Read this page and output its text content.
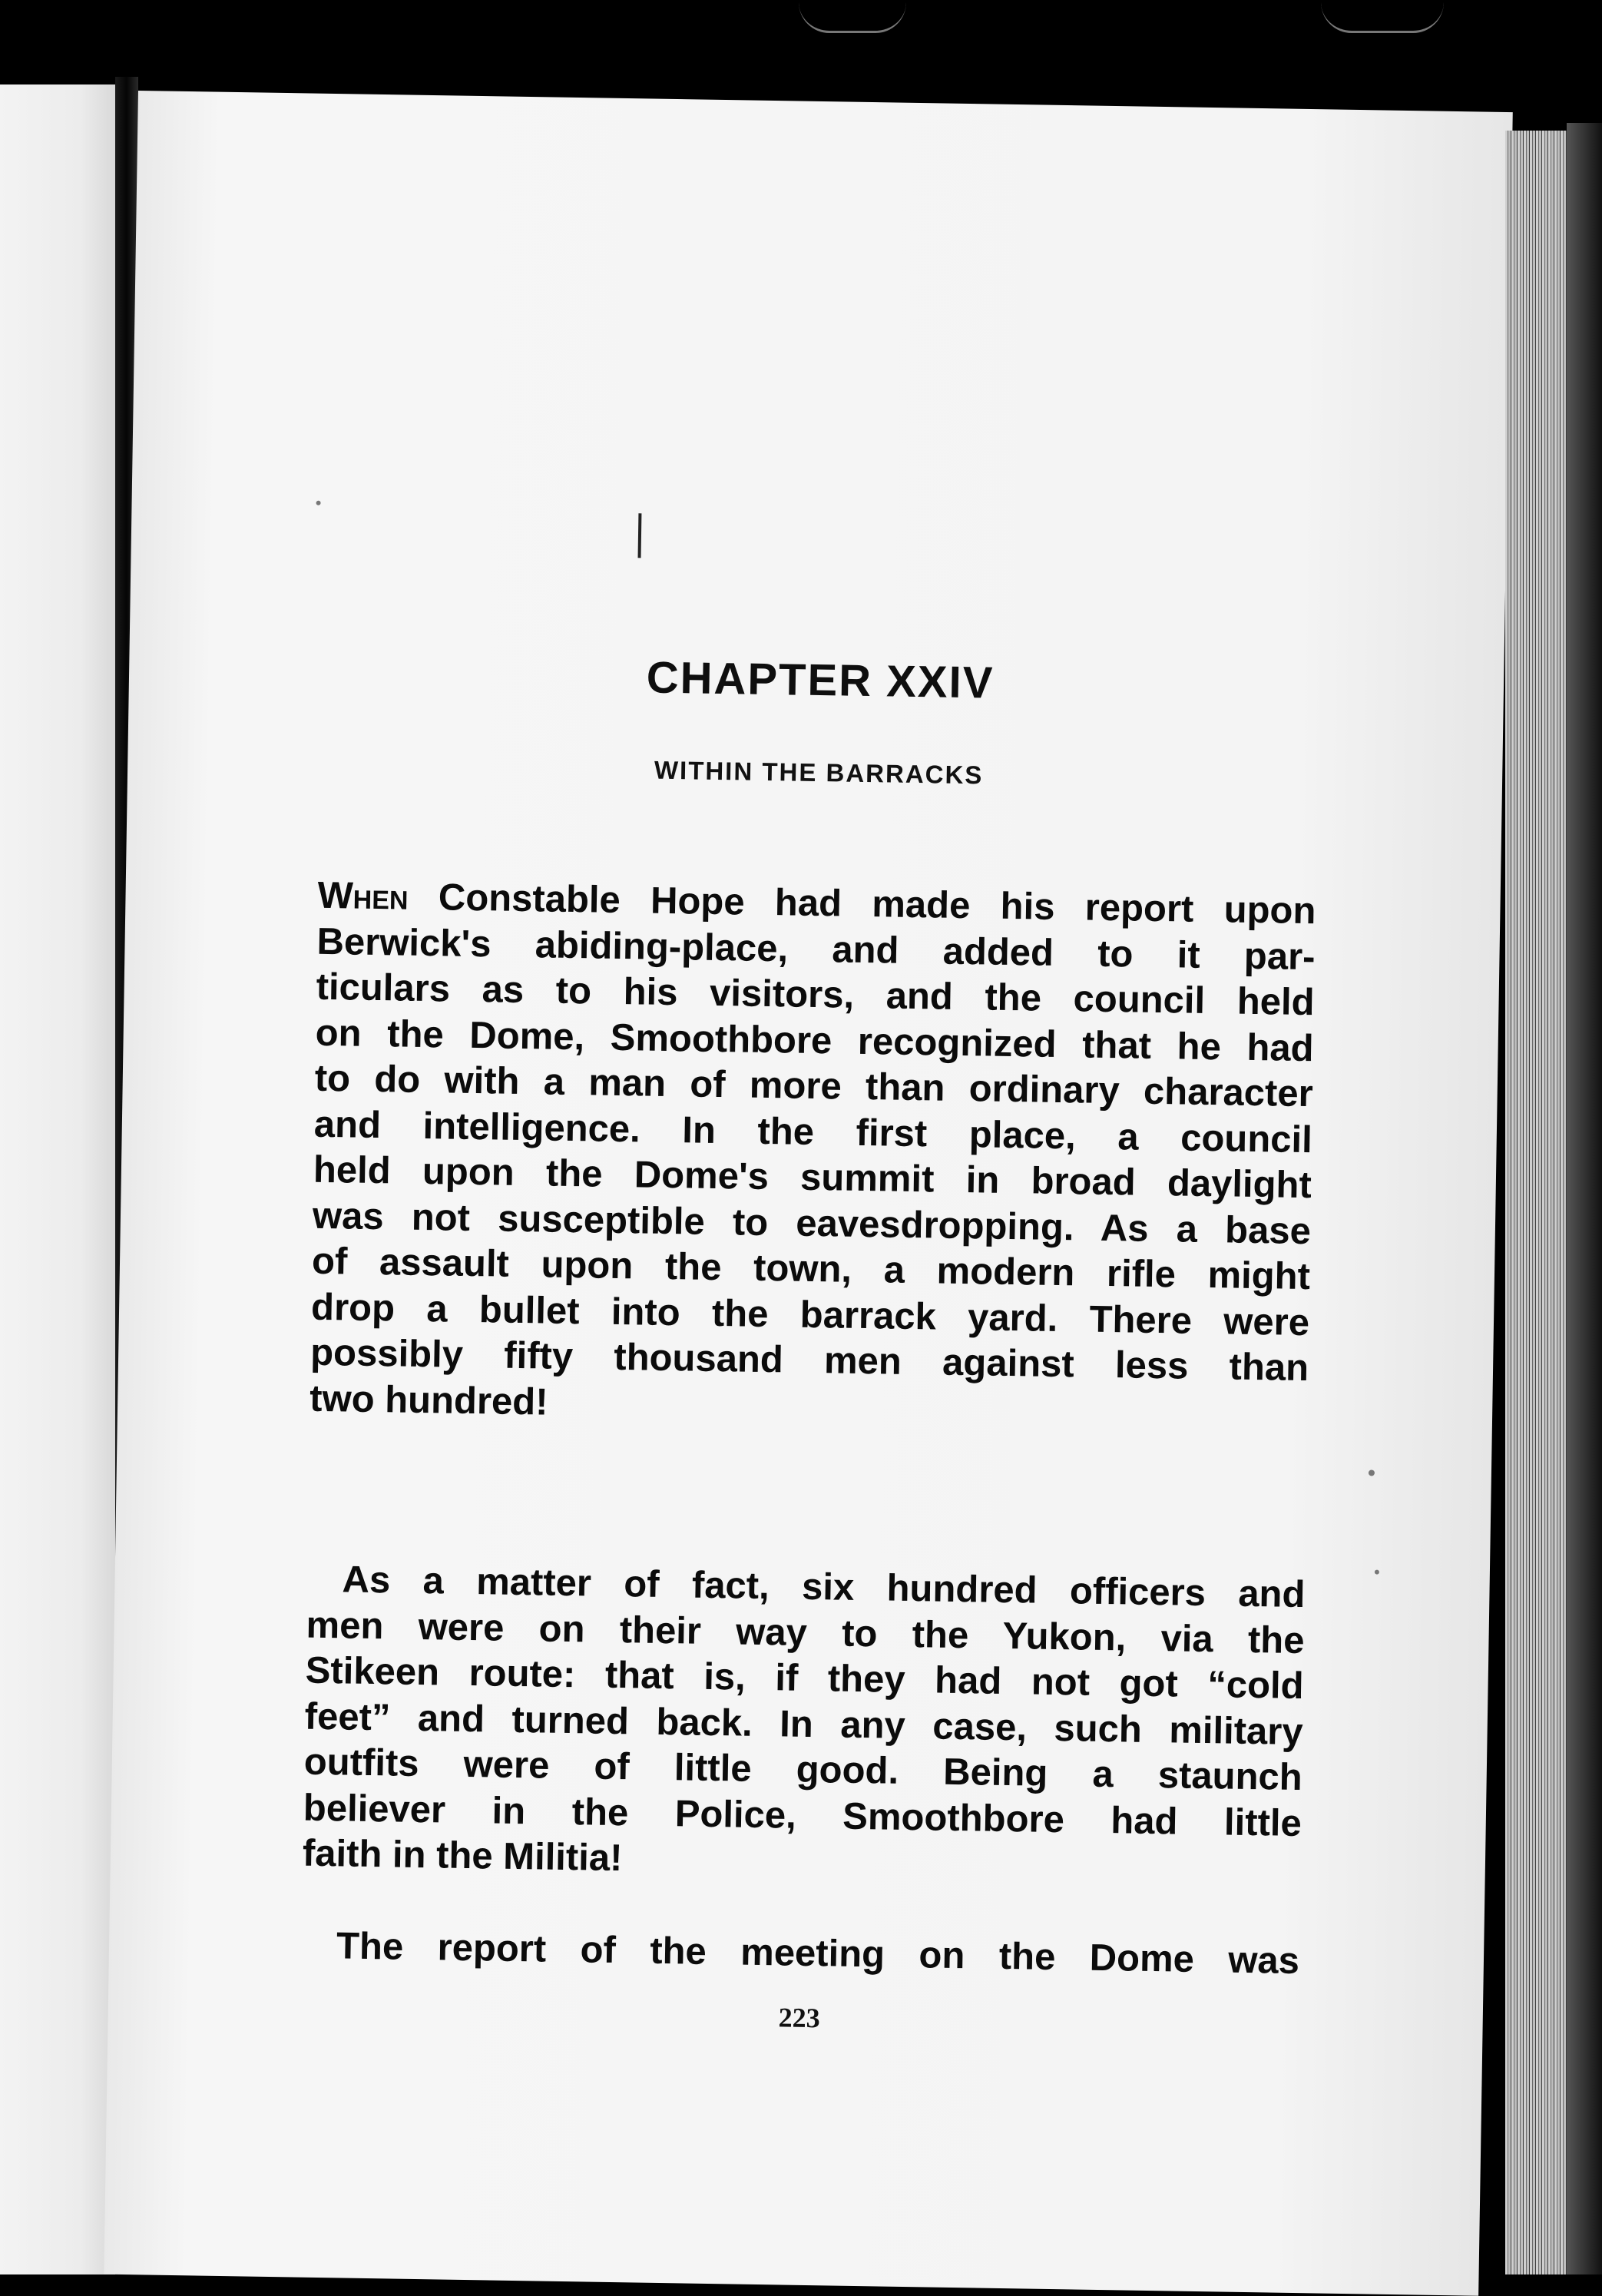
CHAPTER XXIV
WITHIN THE BARRACKS

When Constable Hope had made his report upon
Berwick's abiding-place, and added to it par-
ticulars as to his visitors, and the council held
on the Dome, Smoothbore recognized that he had
to do with a man of more than ordinary character
and intelligence. In the first place, a council
held upon the Dome's summit in broad daylight
was not susceptible to eavesdropping. As a base
of assault upon the town, a modern rifle might
drop a bullet into the barrack yard. There were
possibly fifty thousand men against less than
two hundred!

As a matter of fact, six hundred officers and
men were on their way to the Yukon, via the
Stikeen route: that is, if they had not got “cold
feet” and turned back. In any case, such military
outfits were of little good. Being a staunch
believer in the Police, Smoothbore had little
faith in the Militia!

The report of the meeting on the Dome was

223
